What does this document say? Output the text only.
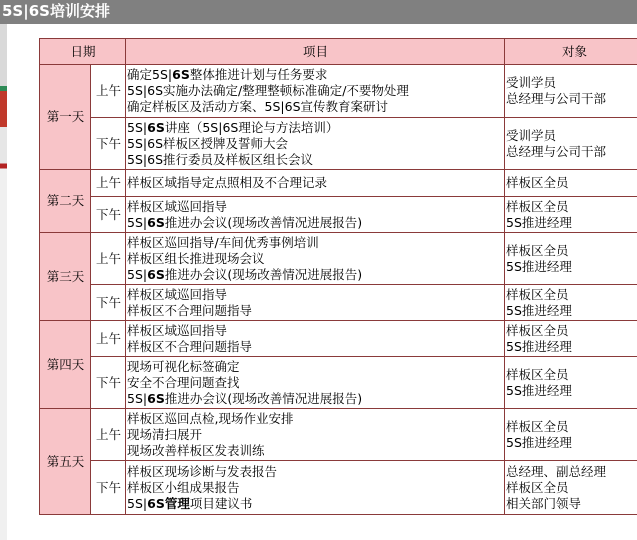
5S|6S培训安排
日期		项目	对象
第一天	上午	确定5S|6S整体推进计划与任务要求
5S|6S实施办法确定/整理整顿标准确定/不要物处理
确定样板区及活动方案、5S|6S宣传教育案研讨	受训学员
总经理与公司干部

	下午	5S|6S讲座（5S|6S理论与方法培训）
5S|6S样板区授牌及誓师大会
5S|6S推行委员及样板区组长会议	受训学员
总经理与公司干部

第二天	上午	样板区域指导定点照相及不合理记录	样板区全员

	下午	样板区域巡回指导
5S|6S推进办会议(现场改善情况进展报告)	样板区全员
5S推进经理

第三天	上午	样板区巡回指导/车间优秀事例培训
样板区组长推进现场会议
5S|6S推进办会议(现场改善情况进展报告)	样板区全员
5S推进经理

	下午	样板区域巡回指导
样板区不合理问题指导	样板区全员
5S推进经理

第四天	上午	样板区域巡回指导
样板区不合理问题指导	样板区全员
5S推进经理

	下午	现场可视化标签确定
安全不合理问题查找
5S|6S推进办会议(现场改善情况进展报告)	样板区全员
5S推进经理

第五天	上午	样板区巡回点检,现场作业安排
现场清扫展开
现场改善样板区发表训练	样板区全员
5S推进经理

	下午	样板区现场诊断与发表报告
样板区小组成果报告
5S|6S管理项目建议书	总经理、副总经理
样板区全员
相关部门领导
